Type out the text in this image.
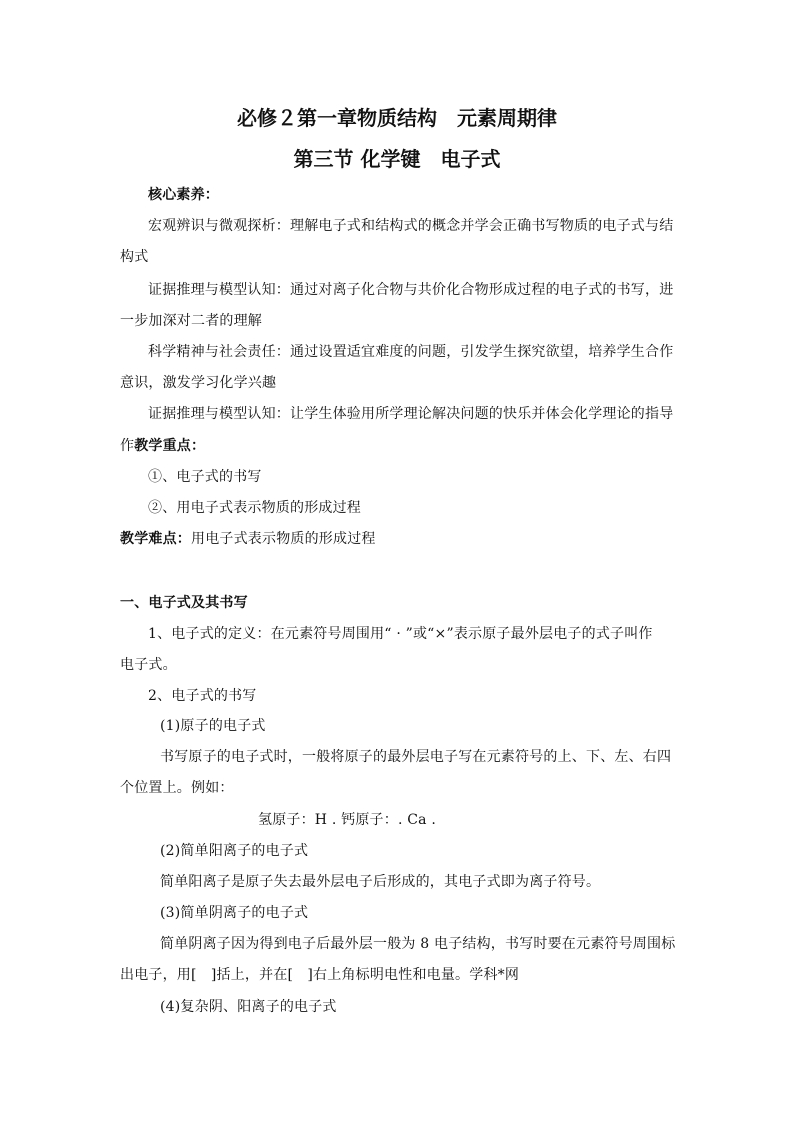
必修２第一章物质结构　元素周期律
第三节 化学键　电子式
核心素养：
宏观辨识与微观探析：理解电子式和结构式的概念并学会正确书写物质的电子式与结
构式
证据推理与模型认知：通过对离子化合物与共价化合物形成过程的电子式的书写，进
一步加深对二者的理解
科学精神与社会责任：通过设置适宜难度的问题，引发学生探究欲望，培养学生合作
意识，激发学习化学兴趣
证据推理与模型认知：让学生体验用所学理论解决问题的快乐并体会化学理论的指导
作教学重点：
①、电子式的书写
②、用电子式表示物质的形成过程
教学难点：用电子式表示物质的形成过程
一、电子式及其书写
1、电子式的定义：在元素符号周围用“ · ”或“×”表示原子最外层电子的式子叫作
电子式。
2、电子式的书写
(1)原子的电子式
书写原子的电子式时，一般将原子的最外层电子写在元素符号的上、下、左、右四
个位置上。例如：
氢原子：H . 钙原子：. Ca .
(2)简单阳离子的电子式
简单阳离子是原子失去最外层电子后形成的，其电子式即为离子符号。
(3)简单阴离子的电子式
简单阴离子因为得到电子后最外层一般为 8 电子结构，书写时要在元素符号周围标
出电子，用[　]括上，并在[　]右上角标明电性和电量。学科*网
(4)复杂阴、阳离子的电子式
